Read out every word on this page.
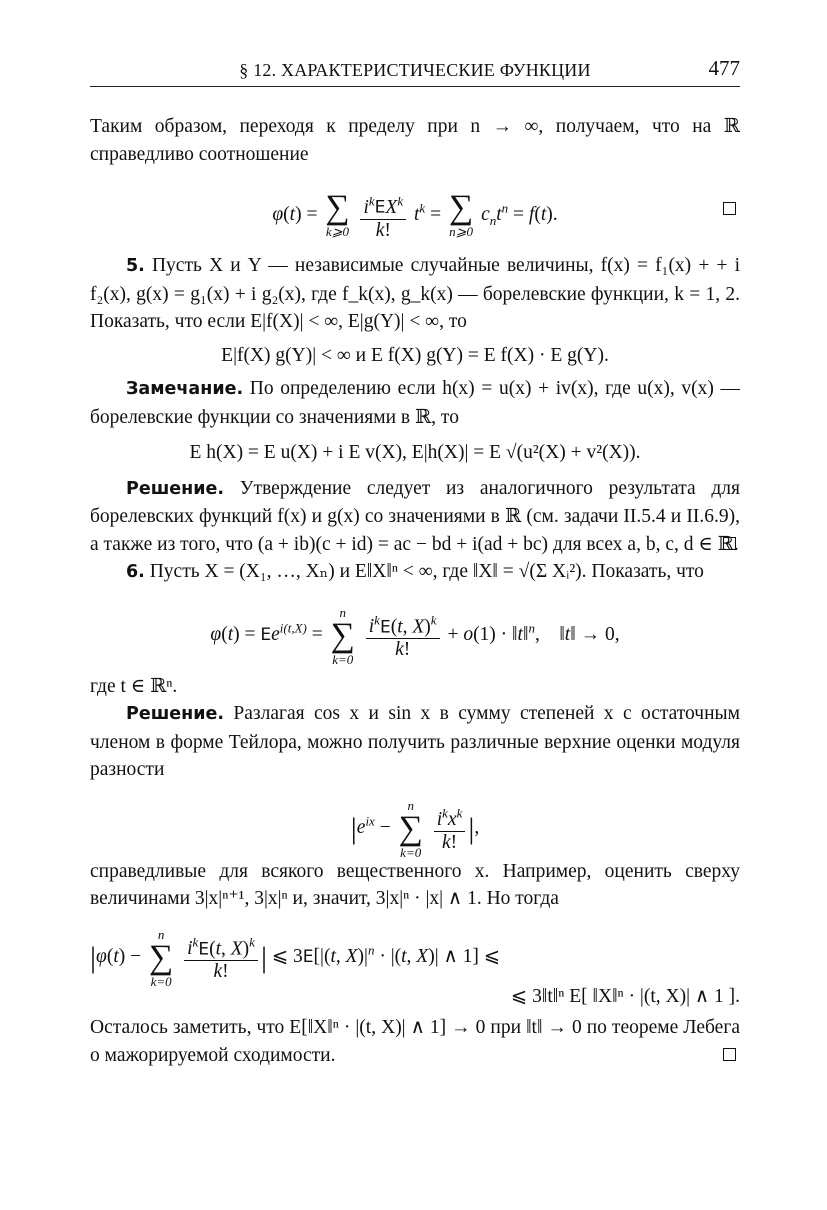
§ 12. ХАРАКТЕРИСТИЧЕСКИЕ ФУНКЦИИ	477

Таким образом, переходя к пределу при n → ∞, получаем, что на ℝ справедливо соотношение

φ(t) = ∑
k⩾0
$\frac{i^kEX^k}{k!} t^k$ = ∑
n⩾0
$c_nt^n = f(t)$.

5. Пусть X и Y — независимые случайные величины, f(x) = f₁(x) + + i f₂(x), g(x) = g₁(x) + i g₂(x), где f_k(x), g_k(x) — борелевские функции, k = 1, 2. Показать, что если E|f(X)| < ∞, E|g(Y)| < ∞, то

E|f(X) g(Y)| < ∞ и E f(X) g(Y) = E f(X) · E g(Y).

Замечание. По определению если h(x) = u(x) + iv(x), где u(x), v(x) — борелевские функции со значениями в ℝ, то

E h(X) = E u(X) + i E v(X), E|h(X)| = E √(u²(X) + v²(X)).

Решение. Утверждение следует из аналогичного результата для борелевских функций f(x) и g(x) со значениями в ℝ (см. задачи II.5.4 и II.6.9), а также из того, что (a + ib)(c + id) = ac − bd + i(ad + bc) для всех a, b, c, d ∈ ℝ.

6. Пусть X = (X₁, …, Xₙ) и E‖X‖ⁿ < ∞, где ‖X‖ = √(Σ Xᵢ²). Показать, что

$\varphi(t) = Ee^{i(t,X)}$ =
n
∑
k=0
$\frac{i^kE(t, X)^k}{k!} + o(1)$ · ‖t‖$^n$,    ‖t‖ → 0,

где t ∈ ℝⁿ.

Решение. Разлагая cos x и sin x в сумму степеней x с остаточным членом в форме Тейлора, можно получить различные верхние оценки модуля разности

$|e^{ix}$ −
n
∑
k=0
$\frac{i^kx^k}{k!}$ |,

справедливые для всякого вещественного x. Например, оценить сверху величинами 3|x|ⁿ⁺¹, 3|x|ⁿ и, значит, 3|x|ⁿ · |x| ∧ 1. Но тогда

|φ(t) −
n
∑
k=0
$\frac{i^kE(t, X)^k}{k!}$ | ⩽ 3E[|(t, $X)|^n \cdot |(t$, X)| ∧ 1] ⩽
⩽ 3‖t‖ⁿ E[ ‖X‖ⁿ · |(t, X)| ∧ 1 ].

Осталось заметить, что E[‖X‖ⁿ · |(t, X)| ∧ 1] → 0 при ‖t‖ → 0 по теореме Лебега о мажорируемой сходимости.
